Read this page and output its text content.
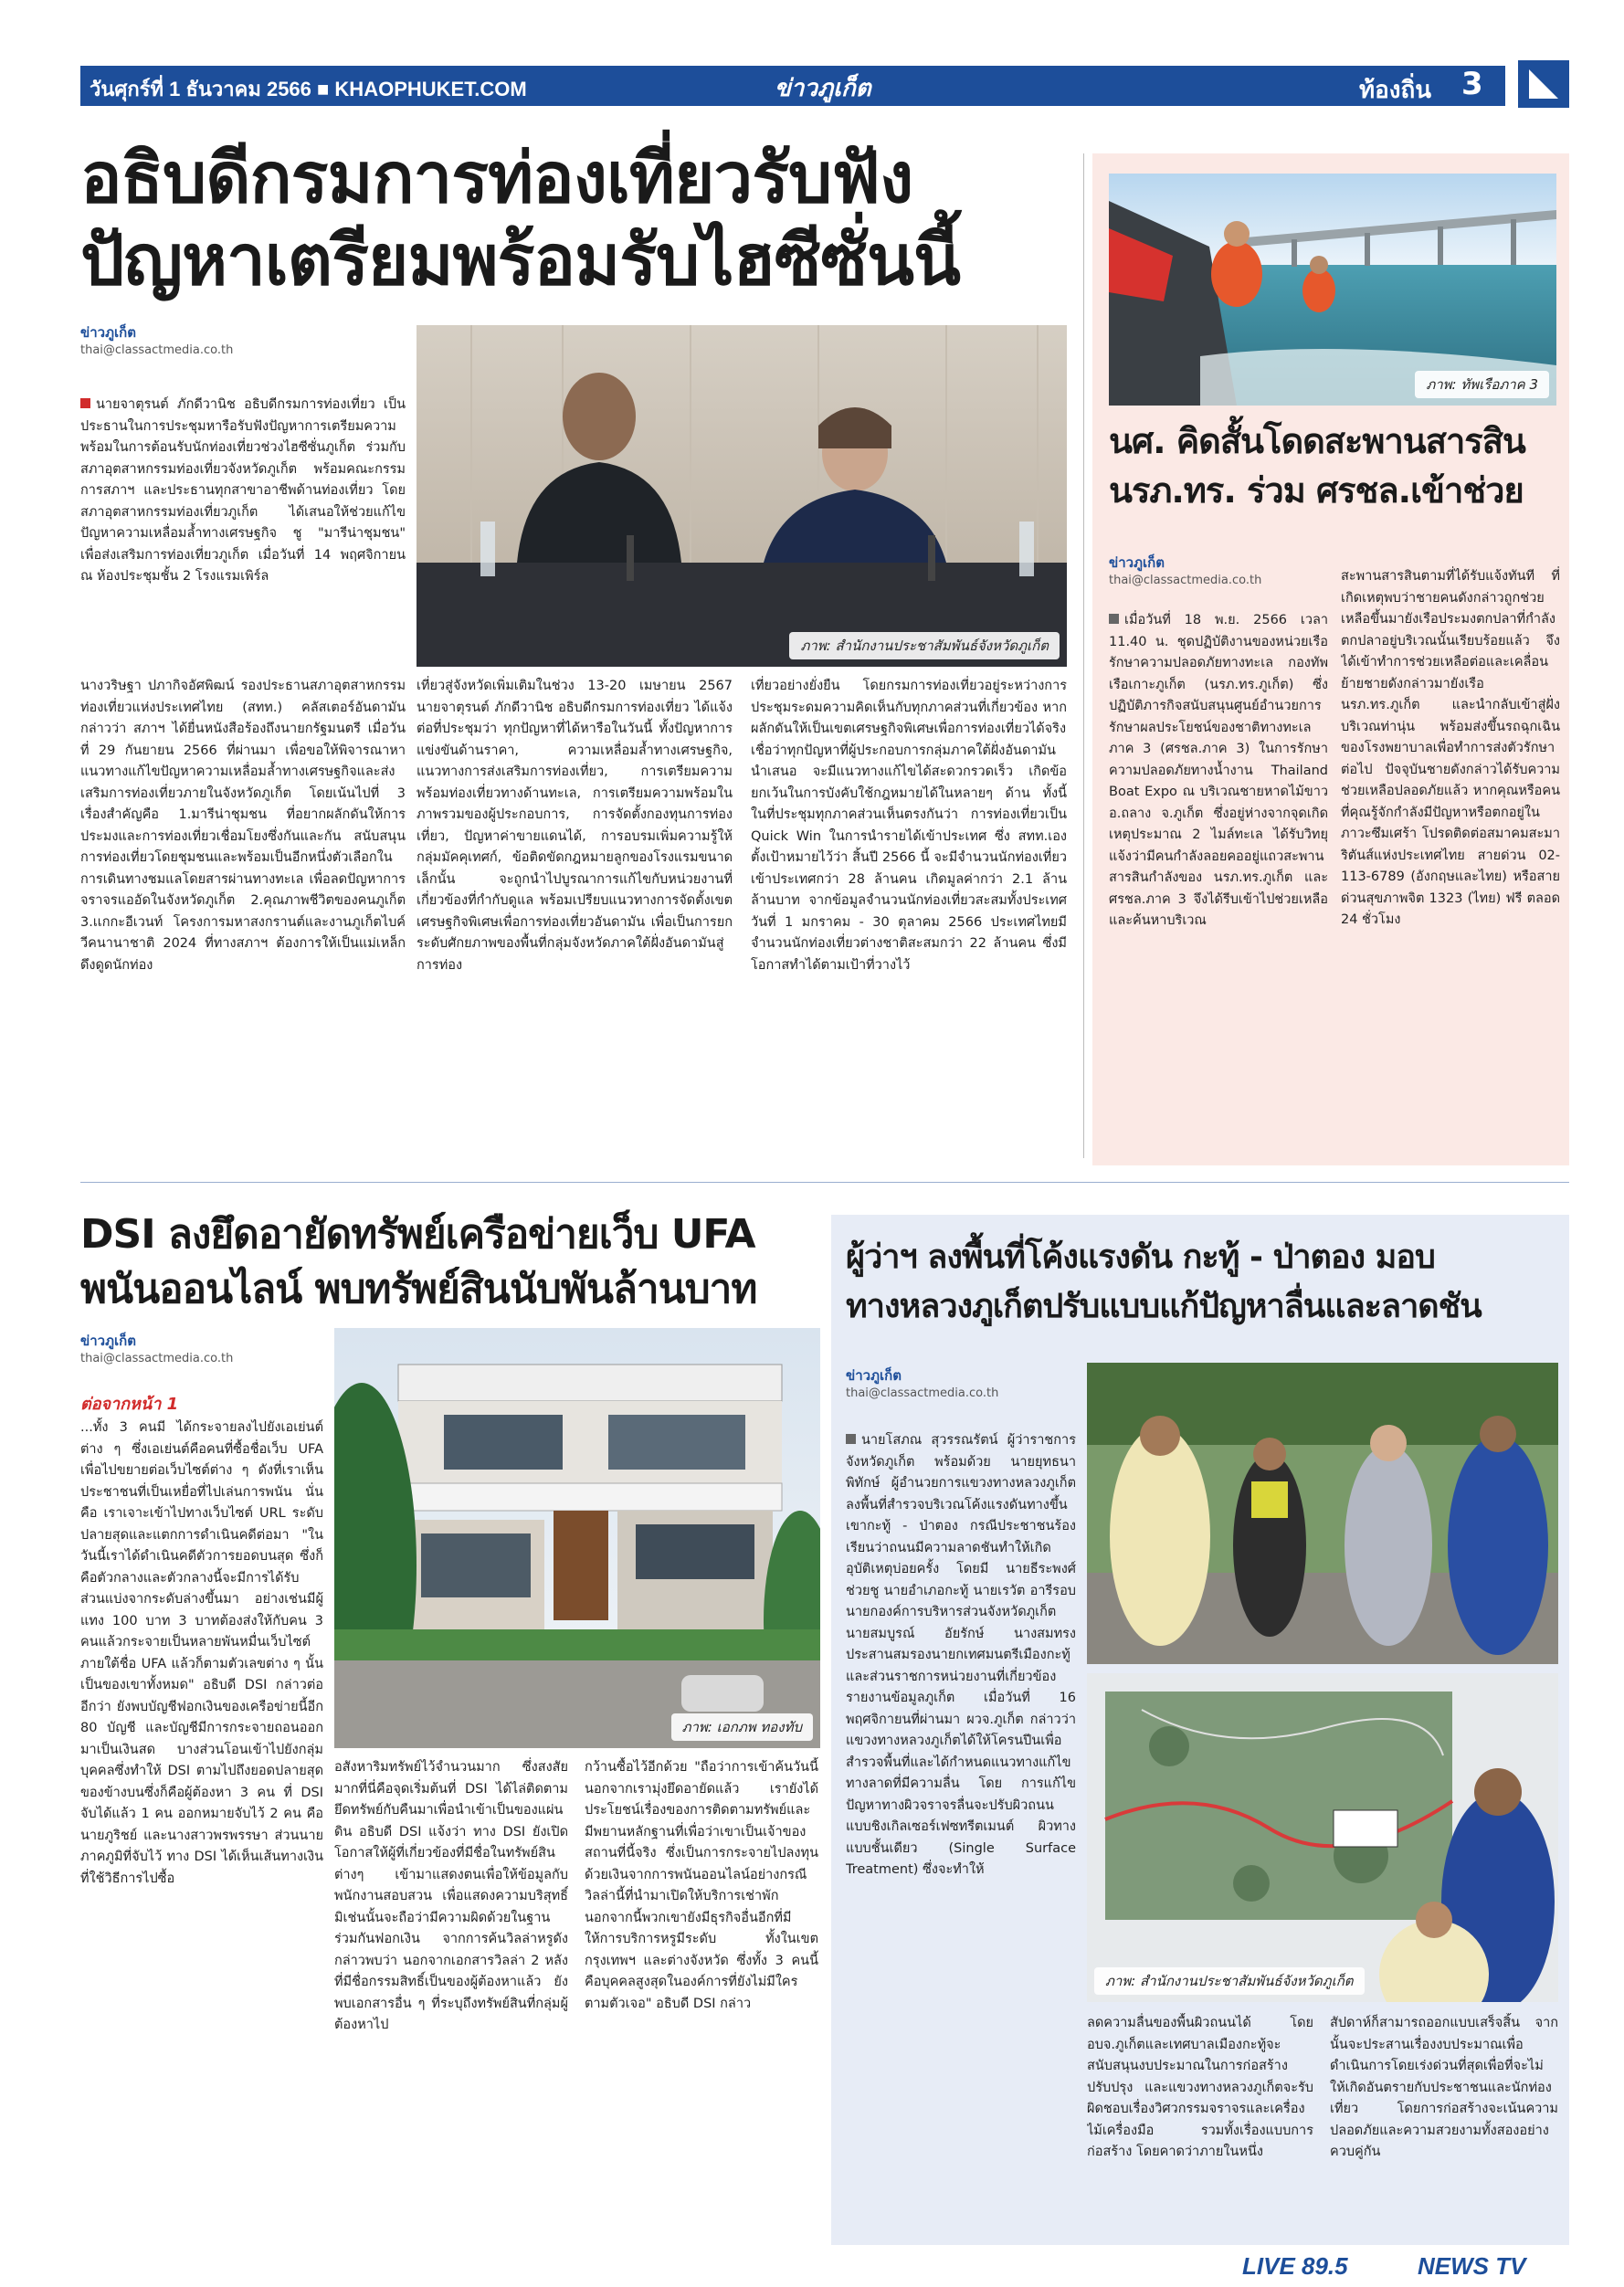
วันศุกร์ที่ 1 ธันวาคม 2566 ■ KHAOPHUKET.COM	ข่าวภูเก็ต	ท้องถิ่น 3
อธิบดีกรมการท่องเที่ยวรับฟัง
ปัญหาเตรียมพร้อมรับไฮซีซั่นนี้
ข่าวภูเก็ต
thai@classactmedia.co.th
ภาพ: สำนักงานประชาสัมพันธ์จังหวัดภูเก็ต
นายจาตุรนต์ ภักดีวานิช อธิบดีกรมการท่องเที่ยว เป็นประธานในการประชุมหารือรับฟังปัญหาการเตรียมความพร้อมในการต้อนรับนักท่องเที่ยวช่วงไฮซีซั่นภูเก็ต ร่วมกับสภาอุตสาหกรรมท่องเที่ยวจังหวัดภูเก็ต พร้อมคณะกรรมการสภาฯ และประธานทุกสาขาอาชีพด้านท่องเที่ยว โดยสภาอุตสาหกรรมท่องเที่ยวภูเก็ต ได้เสนอให้ช่วยแก้ไขปัญหาความเหลื่อมล้ำทางเศรษฐกิจ ชู "มารีน่าชุมชน" เพื่อส่งเสริมการท่องเที่ยวภูเก็ต เมื่อวันที่ 14 พฤศจิกายน ณ ห้องประชุมชั้น 2 โรงแรมเพิร์ล
นางวริษฐา ปภากิจอัศพิฒน์ รองประธานสภาอุตสาหกรรมท่องเที่ยวแห่งประเทศไทย (สทท.) คลัสเตอร์อันดามัน กล่าวว่า สภาฯ ได้ยื่นหนังสือร้องถึงนายกรัฐมนตรี เมื่อวันที่ 29 กันยายน 2566 ที่ผ่านมา เพื่อขอให้พิจารณาหาแนวทางแก้ไขปัญหาความเหลื่อมล้ำทางเศรษฐกิจและส่งเสริมการท่องเที่ยวภายในจังหวัดภูเก็ต โดยเน้นไปที่ 3 เรื่องสำคัญคือ 1.มารีน่าชุมชน ที่อยากผลักดันให้การประมงและการท่องเที่ยวเชื่อมโยงซึ่งกันและกัน สนับสนุนการท่องเที่ยวโดยชุมชนและพร้อมเป็นอีกหนึ่งตัวเลือกในการเดินทางชมแลโดยสารผ่านทางทะเล เพื่อลดปัญหาการจราจรแออัดในจังหวัดภูเก็ต 2.คุณภาพชีวิตของคนภูเก็ต 3.เเกกะอีเวนท์ โครงการมหาสงกรานต์และงานภูเก็ตไบค์วีคนานาชาติ 2024 ที่ทางสภาฯ ต้องการให้เป็นแม่เหล็กดึงดูดนักท่อง
เที่ยวสู่จังหวัดเพิ่มเติมในช่วง 13-20 เมษายน 2567 นายจาตุรนต์ ภักดีวานิช อธิบดีกรมการท่องเที่ยว ได้แจ้งต่อที่ประชุมว่า ทุกปัญหาที่ได้หารือในวันนี้ ทั้งปัญหาการแข่งขันด้านราคา, ความเหลื่อมล้ำทางเศรษฐกิจ, แนวทางการส่งเสริมการท่องเที่ยว, การเตรียมความพร้อมท่องเที่ยวทางด้านทะเล, การเตรียมความพร้อมในภาพรวมของผู้ประกอบการ, การจัดตั้งกองทุนการท่องเที่ยว, ปัญหาค่าขายแดนได้, การอบรมเพิ่มความรู้ให้กลุ่มมัคคุเทศก์, ข้อติดขัดกฎหมายลูกของโรงแรมขนาดเล็กนั้น จะถูกนำไปบูรณาการแก้ไขกับหน่วยงานที่เกี่ยวข้องที่กำกับดูแล พร้อมเปรียบแนวทางการจัดตั้งเขตเศรษฐกิจพิเศษเพื่อการท่องเที่ยวอันดามัน เพื่อเป็นการยกระดับศักยภาพของพื้นที่กลุ่มจังหวัดภาคใต้ฝั่งอันดามันสู่การท่อง
เที่ยวอย่างยั่งยืน โดยกรมการท่องเที่ยวอยู่ระหว่างการประชุมระดมความคิดเห็นกับทุกภาคส่วนที่เกี่ยวข้อง หากผลักดันให้เป็นเขตเศรษฐกิจพิเศษเพื่อการท่องเที่ยวได้จริง เชื่อว่าทุกปัญหาที่ผู้ประกอบการกลุ่มภาคใต้ฝั่งอันดามันนำเสนอ จะมีแนวทางแก้ไขได้สะดวกรวดเร็ว เกิดข้อยกเว้นในการบังคับใช้กฎหมายได้ในหลายๆ ด้าน ทั้งนี้ ในที่ประชุมทุกภาคส่วนเห็นตรงกันว่า การท่องเที่ยวเป็น Quick Win ในการนำรายได้เข้าประเทศ ซึ่ง สทท.เอง ตั้งเป้าหมายไว้ว่า สิ้นปี 2566 นี้ จะมีจำนวนนักท่องเที่ยวเข้าประเทศกว่า 28 ล้านคน เกิดมูลค่ากว่า 2.1 ล้านล้านบาท จากข้อมูลจำนวนนักท่องเที่ยวสะสมทั้งประเทศ วันที่ 1 มกราคม - 30 ตุลาคม 2566 ประเทศไทยมีจำนวนนักท่องเที่ยวต่างชาติสะสมกว่า 22 ล้านคน ซึ่งมีโอกาสทำได้ตามเป้าที่วางไว้
ภาพ: ทัพเรือภาค 3
นศ. คิดสั้นโดดสะพานสารสิน
นรภ.ทร. ร่วม ศรชล.เข้าช่วย
ข่าวภูเก็ต
thai@classactmedia.co.th
เมื่อวันที่ 18 พ.ย. 2566 เวลา 11.40 น. ชุดปฏิบัติงานของหน่วยเรือรักษาความปลอดภัยทางทะเล กองทัพเรือเกาะภูเก็ต (นรภ.ทร.ภูเก็ต) ซึ่งปฏิบัติภารกิจสนับสนุนศูนย์อำนวยการรักษาผลประโยชน์ของชาติทางทะเลภาค 3 (ศรชล.ภาค 3) ในการรักษาความปลอดภัยทางน้ำงาน Thailand Boat Expo ณ บริเวณชายหาดไม้ขาว อ.ถลาง จ.ภูเก็ต ซึ่งอยู่ห่างจากจุดเกิดเหตุประมาณ 2 ไมล์ทะเล ได้รับวิทยุแจ้งว่ามีคนกำลังลอยคออยู่แถวสะพานสารสินกำลังของ นรภ.ทร.ภูเก็ต และ ศรชล.ภาค 3 จึงได้รีบเข้าไปช่วยเหลือและค้นหาบริเวณ
สะพานสารสินตามที่ได้รับแจ้งทันที ที่เกิดเหตุพบว่าชายคนดังกล่าวถูกช่วยเหลือขึ้นมายังเรือประมงตกปลาที่กำลังตกปลาอยู่บริเวณนั้นเรียบร้อยแล้ว จึงได้เข้าทำการช่วยเหลือต่อและเคลื่อนย้ายชายดังกล่าวมายังเรือ นรภ.ทร.ภูเก็ต และนำกลับเข้าสู่ฝั่งบริเวณท่านุ่น พร้อมส่งขึ้นรถฉุกเฉินของโรงพยาบาลเพื่อทำการส่งตัวรักษาต่อไป ปัจจุบันชายดังกล่าวได้รับความช่วยเหลือปลอดภัยแล้ว หากคุณหรือคนที่คุณรู้จักกำลังมีปัญหาหรือตกอยู่ในภาวะซึมเศร้า โปรดติดต่อสมาคมสะมาริตันส์แห่งประเทศไทย สายด่วน 02-113-6789 (อังกฤษและไทย) หรือสายด่วนสุขภาพจิต 1323 (ไทย) ฟรี ตลอด 24 ชั่วโมง
DSI ลงยึดอายัดทรัพย์เครือข่ายเว็บ UFA
พนันออนไลน์ พบทรัพย์สินนับพันล้านบาท
ข่าวภูเก็ต
thai@classactmedia.co.th
ต่อจากหน้า 1
ภาพ: เอกภพ ทองทับ
...ทั้ง 3 คนมี ได้กระจายลงไปยังเอเย่นต์ต่าง ๆ ซึ่งเอเย่นต์คือคนที่ซื้อชื่อเว็บ UFA เพื่อไปขยายต่อเว็บไซต์ต่าง ๆ ดังที่เราเห็นประชาชนที่เป็นเหยื่อที่ไปเล่นการพนัน นั่นคือ เราเจาะเข้าไปทางเว็บไซต์ URL ระดับปลายสุดและแตกการดำเนินคดีต่อมา "ในวันนี้เราได้ดำเนินคดีตัวการยอดบนสุด ซึ่งก็คือตัวกลางและตัวกลางนี้จะมีการได้รับส่วนแบ่งจากระดับล่างขึ้นมา อย่างเช่นมีผู้แทง 100 บาท 3 บาทต้องส่งให้กับคน 3 คนแล้วกระจายเป็นหลายพันหมื่นเว็บไซต์ภายใต้ชื่อ UFA แล้วก็ตามตัวเลขต่าง ๆ นั้นเป็นของเขาทั้งหมด" อธิบดี DSI กล่าวต่ออีกว่า ยังพบบัญชีฟอกเงินของเครือข่ายนี้อีก 80 บัญชี และบัญชีมีการกระจายถอนออกมาเป็นเงินสด บางส่วนโอนเข้าไปยังกลุ่มบุคคลซึ่งทำให้ DSI ตามไปถึงยอดปลายสุดของข้างบนซึ่งก็คือผู้ต้องหา 3 คน ที่ DSI จับได้แล้ว 1 คน ออกหมายจับไว้ 2 คน คือ นายภูริชย์ และนางสาวพรพรรษา ส่วนนายภาคภูมิที่จับไว้ ทาง DSI ได้เห็นเส้นทางเงินที่ใช้วิธีการไปซื้อ
อสังหาริมทรัพย์ไว้จำนวนมาก ซึ่งสงสัยมากที่นี่คือจุดเริ่มต้นที่ DSI ได้ไล่ติดตามยึดทรัพย์กับคืนมาเพื่อนำเข้าเป็นของแผ่นดิน อธิบดี DSI แจ้งว่า ทาง DSI ยังเปิดโอกาสให้ผู้ที่เกี่ยวข้องที่มีชื่อในทรัพย์สินต่างๆ เข้ามาแสดงตนเพื่อให้ข้อมูลกับพนักงานสอบสวน เพื่อแสดงความบริสุทธิ์ มิเช่นนั้นจะถือว่ามีความผิดด้วยในฐานร่วมกันฟอกเงิน จากการค้นวิลล่าหรูดังกล่าวพบว่า นอกจากเอกสารวิลล่า 2 หลังที่มีชื่อกรรมสิทธิ์เป็นของผู้ต้องหาแล้ว ยังพบเอกสารอื่น ๆ ที่ระบุถึงทรัพย์สินที่กลุ่มผู้ต้องหาไป
กว้านซื้อไว้อีกด้วย "ถือว่าการเข้าค้นวันนี้นอกจากเรามุ่งยึดอายัดแล้ว เรายังได้ประโยชน์เรื่องของการติดตามทรัพย์และมีพยานหลักฐานที่เพื่อว่าเขาเป็นเจ้าของสถานที่นี้จริง ซึ่งเป็นการกระจายไปลงทุนด้วยเงินจากการพนันออนไลน์อย่างกรณีวิลล่านี้ที่นำมาเปิดให้บริการเช่าพัก นอกจากนี้พวกเขายังมีธุรกิจอื่นอีกที่มีให้การบริการหรูมีระดับ ทั้งในเขตกรุงเทพฯ และต่างจังหวัด ซึ่งทั้ง 3 คนนี้คือบุคคลสูงสุดในองค์การที่ยังไม่มีใครตามตัวเจอ" อธิบดี DSI กล่าว
ผู้ว่าฯ ลงพื้นที่โค้งแรงดัน กะทู้ - ป่าตอง มอบ
ทางหลวงภูเก็ตปรับแบบแก้ปัญหาลื่นและลาดชัน
ข่าวภูเก็ต
thai@classactmedia.co.th
ภาพ: สำนักงานประชาสัมพันธ์จังหวัดภูเก็ต
นายโสภณ สุวรรณรัตน์ ผู้ว่าราชการจังหวัดภูเก็ต พร้อมด้วย นายยุทธนา พิทักษ์ ผู้อำนวยการแขวงทางหลวงภูเก็ต ลงพื้นที่สำรวจบริเวณโค้งแรงดันทางขึ้นเขากะทู้ - ป่าตอง กรณีประชาชนร้องเรียนว่าถนนมีความลาดชันทำให้เกิดอุบัติเหตุบ่อยครั้ง โดยมี นายธีระพงศ์ ช่วยชู นายอำเภอกะทู้ นายเรวัต อารีรอบ นายกองค์การบริหารส่วนจังหวัดภูเก็ต นายสมบูรณ์ อัยรักษ์ นางสมทรง ประสานสมรองนายกเทศมนตรีเมืองกะทู้และส่วนราชการหน่วยงานที่เกี่ยวข้อง รายงานข้อมูลภูเก็ต เมื่อวันที่ 16 พฤศจิกายนที่ผ่านมา ผวจ.ภูเก็ต กล่าวว่า แขวงทางหลวงภูเก็ตได้ให้โครนปีนเพื่อสำรวจพื้นที่และได้กำหนดแนวทางแก้ไขทางลาดที่มีความลื่น โดย การแก้ไขปัญหาทางผิวจราจรลื่นจะปรับผิวถนน แบบชิงเกิลเซอร์เฟซทรีตเมนต์ ผิวทางแบบชั้นเดียว (Single Surface Treatment) ซึ่งจะทำให้
ลดความลื่นของพื้นผิวถนนได้ โดย อบจ.ภูเก็ตและเทศบาลเมืองกะทู้จะสนับสนุนงบประมาณในการก่อสร้างปรับปรุง และแขวงทางหลวงภูเก็ตจะรับผิดชอบเรื่องวิศวกรรมจราจรและเครื่องไม้เครื่องมือ รวมทั้งเรื่องแบบการก่อสร้าง โดยคาดว่าภายในหนึ่ง
สัปดาห์ก็สามารถออกแบบเสร็จสิ้น จากนั้นจะประสานเรื่องงบประมาณเพื่อดำเนินการโดยเร่งด่วนที่สุดเพื่อที่จะไม่ให้เกิดอันตรายกับประชาชนและนักท่องเที่ยว โดยการก่อสร้างจะเน้นความปลอดภัยและความสวยงามทั้งสองอย่างควบคู่กัน
LIVE 89.5	NEWS TV
